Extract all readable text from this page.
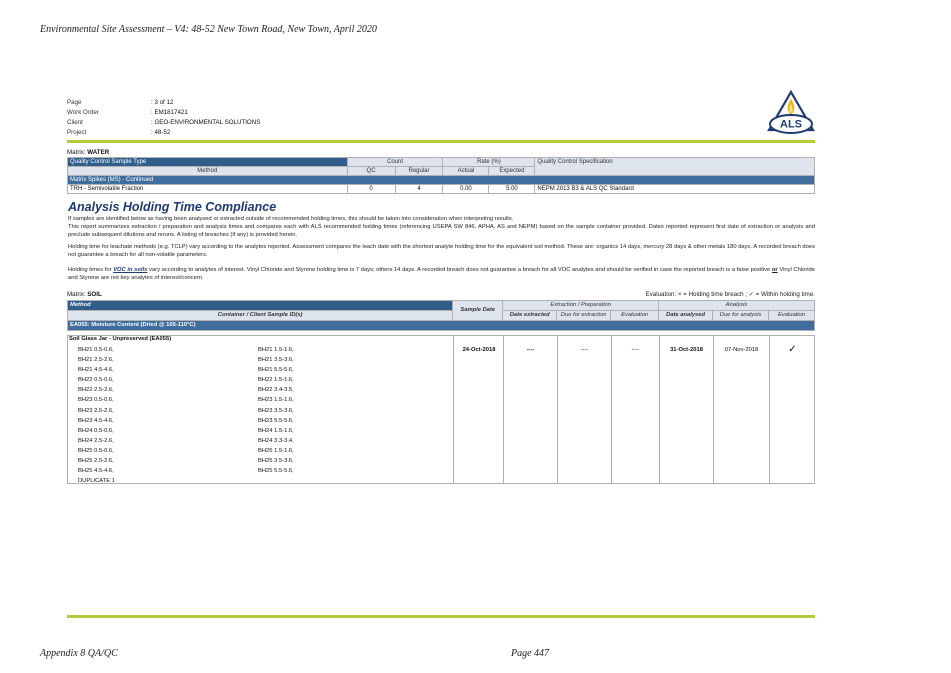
Environmental Site Assessment – V4: 48-52 New Town Road, New Town, April 2020
Page	: 3 of 12
Work Order	: EM1817421
Client	: GEO-ENVIRONMENTAL SOLUTIONS
Project	: 48-52
ALS
Matrix: WATER
Quality Control Sample Type	Count		Rate (%)		Quality Control Specification
Method	QC	Regular	Actual	Expected	
Matrix Spikes (MS) - Continued					
TRH - Semivolatile Fraction	0	4	0.00	5.00	NEPM 2013 B3 & ALS QC Standard
Analysis Holding Time Compliance
If samples are identified below as having been analysed or extracted outside of recommended holding times, this should be taken into consideration when interpreting results.
This report summarizes extraction / preparation and analysis times and compares each with ALS recommended holding times (referencing USEPA SW 846, APHA, AS and NEPM) based on the sample container provided. Dates reported represent first date of extraction or analysis and preclude subsequent dilutions and reruns. A listing of breaches (if any) is provided herein.
Holding time for leachate methods (e.g. TCLP) vary according to the analytes reported. Assessment compares the leach date with the shortest analyte holding time for the equivalent soil method. These are: organics 14 days, mercury 28 days & other metals 180 days. A recorded breach does not guarantee a breach for all non-volatile parameters.
Holding times for VOC in soils vary according to analytes of interest. Vinyl Chloride and Styrene holding time is 7 days; others 14 days. A recorded breach does not guarantee a breach for all VOC analytes and should be verified in case the reported breach is a false positive or Vinyl Chloride and Styrene are not key analytes of interest/concern.
Matrix: SOIL	Evaluation: × = Holding time breach ; ✓ = Within holding time.
Method	Sample Date	Extraction / Preparation			Analysis		
Container / Client Sample ID(s)		Date extracted	Due for extraction	Evaluation	Date analysed	Due for analysis	Evaluation
EA055: Moisture Content (Dried @ 105-110°C)							
Soil Glass Jar - Unpreserved (EA055)
BH21 0.5-0.6,	BH21 1.5-1.6,
BH21 2.5-2.6,	BH21 3.5-3.6,
BH21 4.5-4.6,	BH21 5.5-5.6,
BH22 0.5-0.6,	BH22 1.5-1.6,
BH22 2.5-2.6,	BH22 3.4-3.5,
BH23 0.5-0.6,	BH23 1.5-1.6,
BH23 2.5-2.6,	BH23 3.5-3.6,
BH23 4.5-4.6,	BH23 5.5-5.6,
BH24 0.5-0.6,	BH24 1.5-1.6,
BH24 2.5-2.6,	BH24 3.3-3.4,
BH25 0.5-0.6,	BH25 1.5-1.6,
BH25 2.5-2.6,	BH25 3.5-3.6,
BH25 4.5-4.6,	BH25 5.5-5.6,
DUPLICATE 1
24-Oct-2018	----	----	----	31-Oct-2018	07-Nov-2018	✓
Appendix 8 QA/QC	Page 447
